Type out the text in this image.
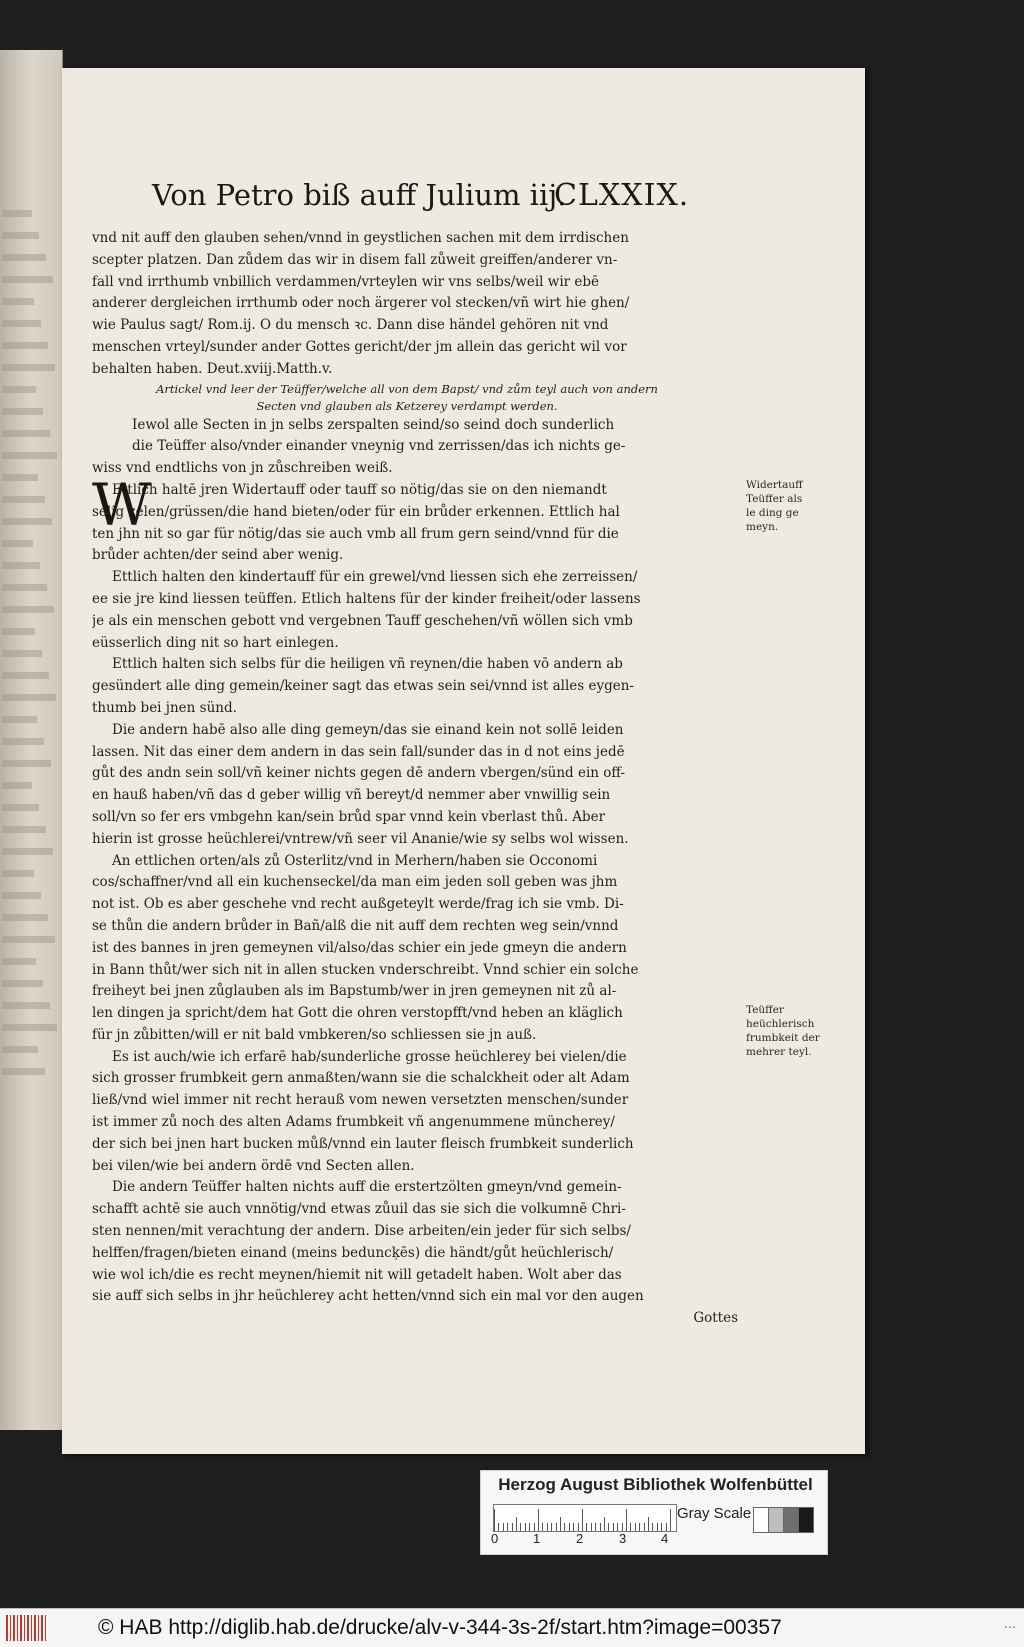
Von Petro biß auff Julium iij.
CLXXIX.
vnd nit auff den glauben sehen/vnnd in geystlichen sachen mit dem irrdischen
scepter platzen. Dan zůdem das wir in disem fall zůweit greiffen/anderer vn-
fall vnd irrthumb vnbillich verdammen/vrteylen wir vns selbs/weil wir ebē
anderer dergleichen irrthumb oder noch ärgerer vol stecken/vñ wirt hie ghen/
wie Paulus sagt/ Rom.ij. O du mensch ꝛc. Dann dise händel gehören nit vnd
menschen vrteyl/sunder ander Gottes gericht/der jm allein das gericht wil vor
behalten haben. Deut.xviij.Matth.v.
Artickel vnd leer der Teüffer/welche all von dem Bapst/ vnd zům teyl auch von andern
Secten vnd glauben als Ketzerey verdampt werden.
Iewol alle Secten in jn selbs zerspalten seind/so seind doch sunderlich
die Teüffer also/vnder einander vneynig vnd zerrissen/das ich nichts ge-
wiss vnd endtlichs von jn zůschreiben weiß.
Ettlich haltē jren Widertauff oder tauff so nötig/das sie on den niemandt
selig zelen/grüssen/die hand bieten/oder für ein brůder erkennen. Ettlich hal
ten jhn nit so gar für nötig/das sie auch vmb all frum gern seind/vnnd für die
brůder achten/der seind aber wenig.
Ettlich halten den kindertauff für ein grewel/vnd liessen sich ehe zerreissen/
ee sie jre kind liessen teüffen. Etlich haltens für der kinder freiheit/oder lassens
je als ein menschen gebott vnd vergebnen Tauff geschehen/vñ wöllen sich vmb
eüsserlich ding nit so hart einlegen.
Ettlich halten sich selbs für die heiligen vñ reynen/die haben vō andern ab
gesündert alle ding gemein/keiner sagt das etwas sein sei/vnnd ist alles eygen-
thumb bei jnen sünd.
Die andern habē also alle ding gemeyn/das sie einand kein not sollē leiden
lassen. Nit das einer dem andern in das sein fall/sunder das in d not eins jedē
gůt des andn sein soll/vñ keiner nichts gegen dē andern vbergen/sünd ein off-
en hauß haben/vñ das d geber willig vñ bereyt/d nemmer aber vnwillig sein
soll/vn so fer ers vmbgehn kan/sein brůd spar vnnd kein vberlast thů. Aber
hierin ist grosse heüchlerei/vntrew/vñ seer vil Ananie/wie sy selbs wol wissen.
An ettlichen orten/als zů Osterlitz/vnd in Merhern/haben sie Occonomi
cos/schaffner/vnd all ein kuchenseckel/da man eim jeden soll geben was jhm
not ist. Ob es aber geschehe vnd recht außgeteylt werde/frag ich sie vmb. Di-
se thůn die andern brůder in Bañ/alß die nit auff dem rechten weg sein/vnnd
ist des bannes in jren gemeynen vil/also/das schier ein jede gmeyn die andern
in Bann thůt/wer sich nit in allen stucken vnderschreibt. Vnnd schier ein solche
freiheyt bei jnen zůglauben als im Bapstumb/wer in jren gemeynen nit zů al-
len dingen ja spricht/dem hat Gott die ohren verstopfft/vnd heben an kläglich
für jn zůbitten/will er nit bald vmbkeren/so schliessen sie jn auß.
Es ist auch/wie ich erfarē hab/sunderliche grosse heüchlerey bei vielen/die
sich grosser frumbkeit gern anmaßten/wann sie die schalckheit oder alt Adam
ließ/vnd wiel immer nit recht herauß vom newen versetzten menschen/sunder
ist immer zů noch des alten Adams frumbkeit vñ angenummene müncherey/
der sich bei jnen hart bucken můß/vnnd ein lauter fleisch frumbkeit sunderlich
bei vilen/wie bei andern ördē vnd Secten allen.
Die andern Teüffer halten nichts auff die erstertzölten gmeyn/vnd gemein-
schafft achtē sie auch vnnötig/vnd etwas zůuil das sie sich die volkumnē Chri-
sten nennen/mit verachtung der andern. Dise arbeiten/ein jeder für sich selbs/
helffen/fragen/bieten einand (meins beduncķēs) die händt/gůt heüchlerisch/
wie wol ich/die es recht meynen/hiemit nit will getadelt haben. Wolt aber das
sie auff sich selbs in jhr heüchlerey acht hetten/vnnd sich ein mal vor den augen
Gottes
W	Widertauff
Teüffer als
le ding ge
meyn.
Teüffer
heüchlerisch
frumbkeit der
mehrer teyl.
Herzog August Bibliothek Wolfenbüttel
0	1	2	3	4
Gray Scale
© HAB http://diglib.hab.de/drucke/alv-v-344-3s-2f/start.htm?image=00357	...
